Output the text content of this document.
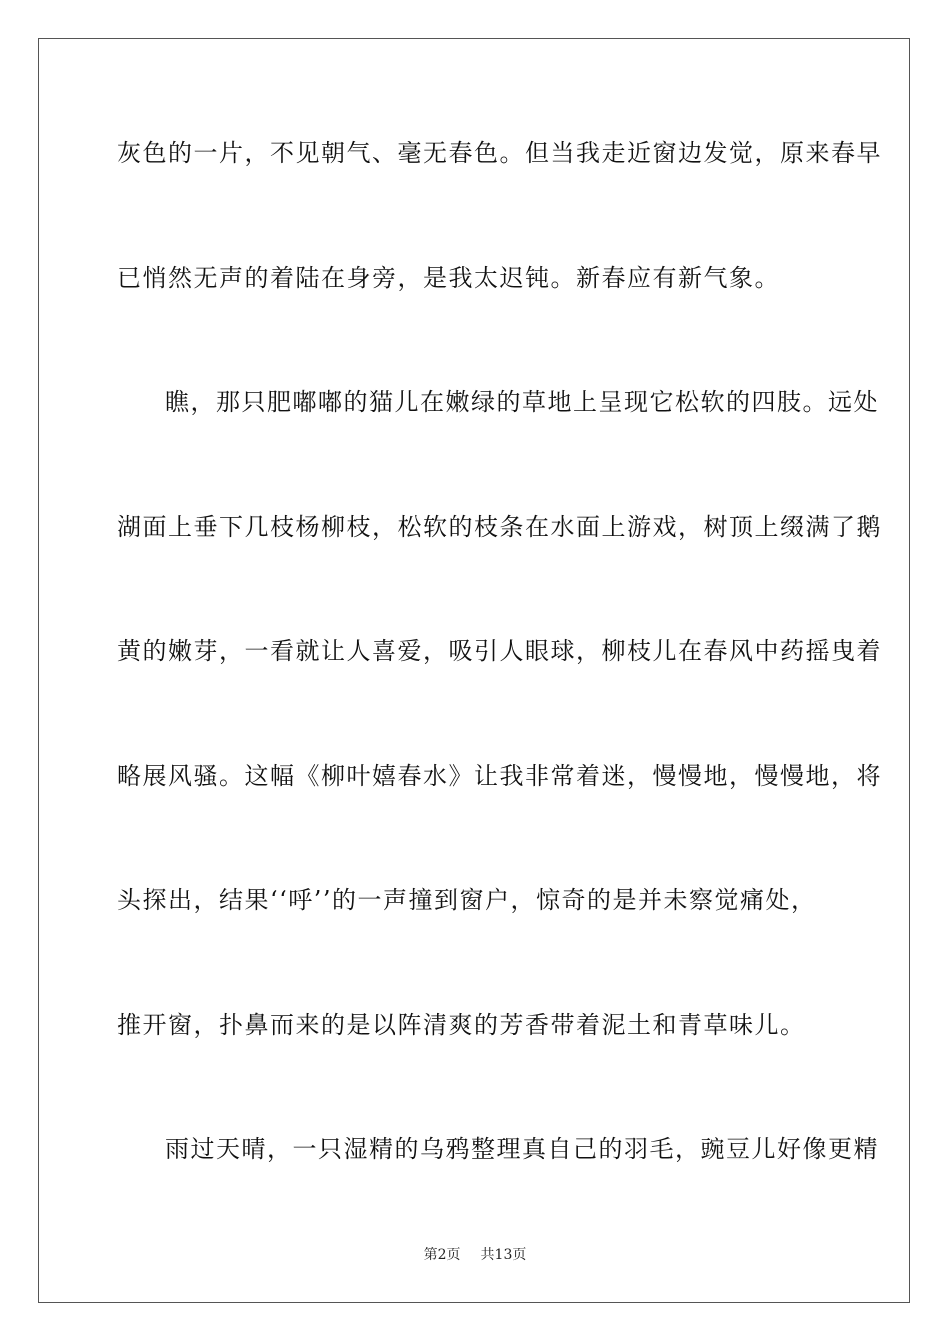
灰色的一片，不见朝气、毫无春色。但当我走近窗边发觉，原来春早
已悄然无声的着陆在身旁，是我太迟钝。新春应有新气象。
瞧，那只肥嘟嘟的猫儿在嫩绿的草地上呈现它松软的四肢。远处
湖面上垂下几枝杨柳枝，松软的枝条在水面上游戏，树顶上缀满了鹅
黄的嫩芽，一看就让人喜爱，吸引人眼球，柳枝儿在春风中药摇曳着
略展风骚。这幅《柳叶嬉春水》让我非常着迷，慢慢地，慢慢地，将
头探出，结果‘‘呼’’的一声撞到窗户，惊奇的是并未察觉痛处，
推开窗，扑鼻而来的是以阵清爽的芳香带着泥土和青草味儿。
雨过天晴，一只湿精的乌鸦整理真自己的羽毛，豌豆儿好像更精
第2页 共13页
